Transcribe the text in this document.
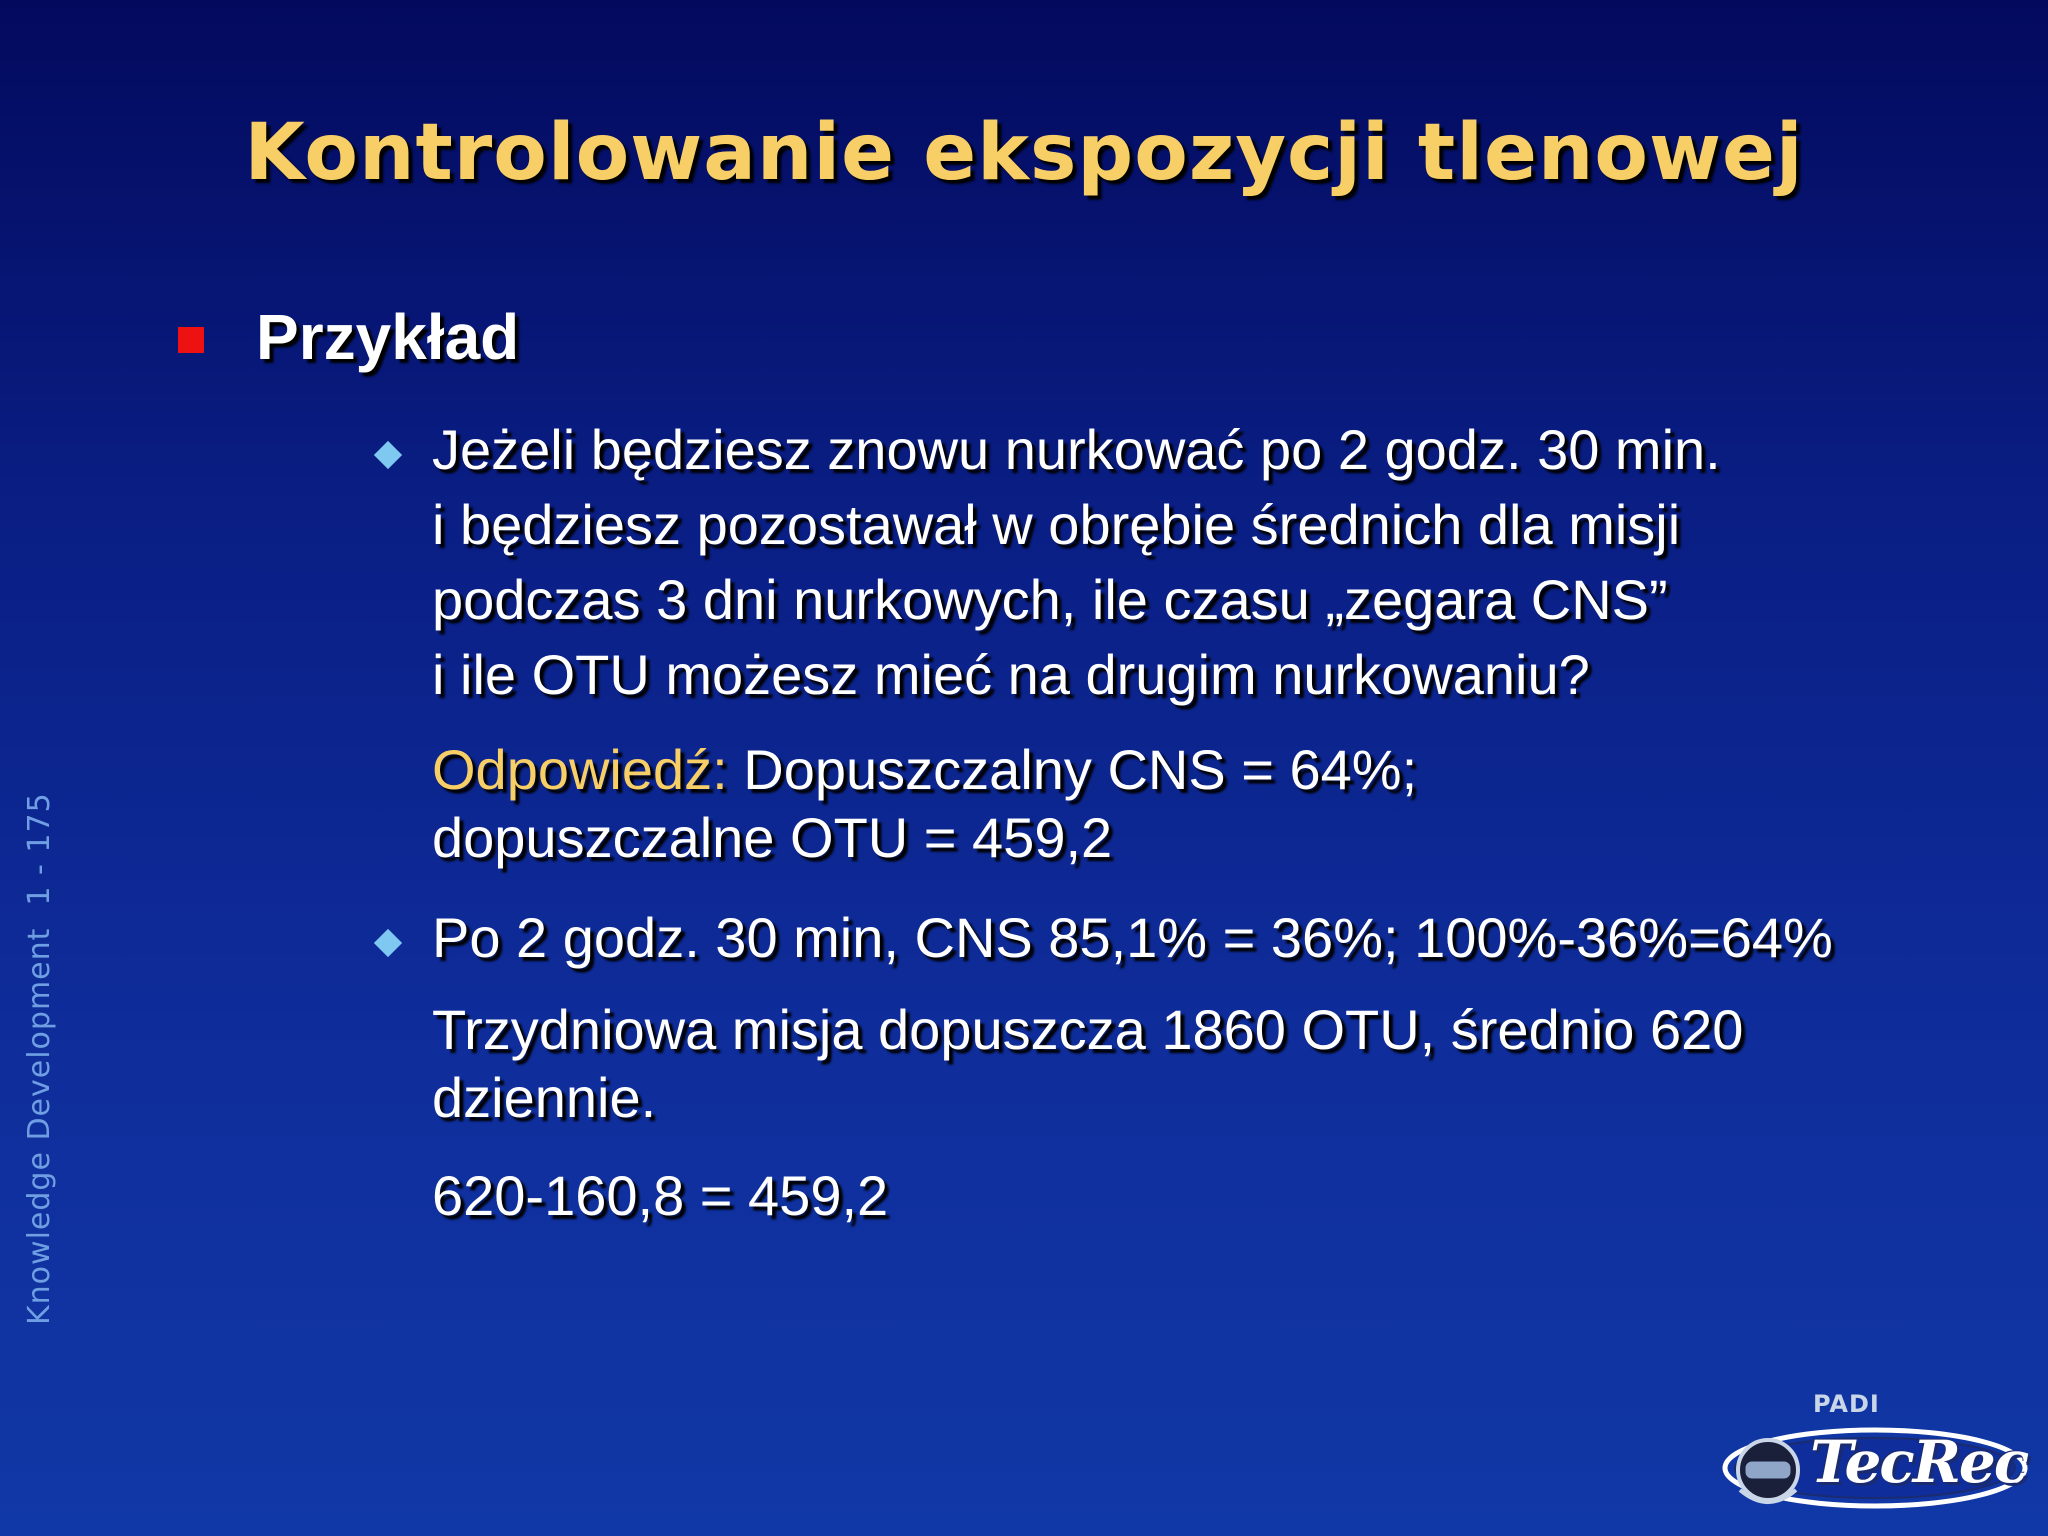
Kontrolowanie ekspozycji tlenowej
Knowledge Development1 - 175
Przykład
Jeżeli będziesz znowu nurkować po 2 godz. 30 min.
i będziesz pozostawał w obrębie średnich dla misji
podczas 3 dni nurkowych, ile czasu „zegara CNS”
i ile OTU możesz mieć na drugim nurkowaniu?
Odpowiedź: Dopuszczalny CNS = 64%;
dopuszczalne OTU = 459,2
Po 2 godz. 30 min, CNS 85,1% = 36%; 100%-36%=64%
Trzydniowa misja dopuszcza 1860 OTU, średnio 620
dziennie.
620-160,8 = 459,2
PADI
TecRec
